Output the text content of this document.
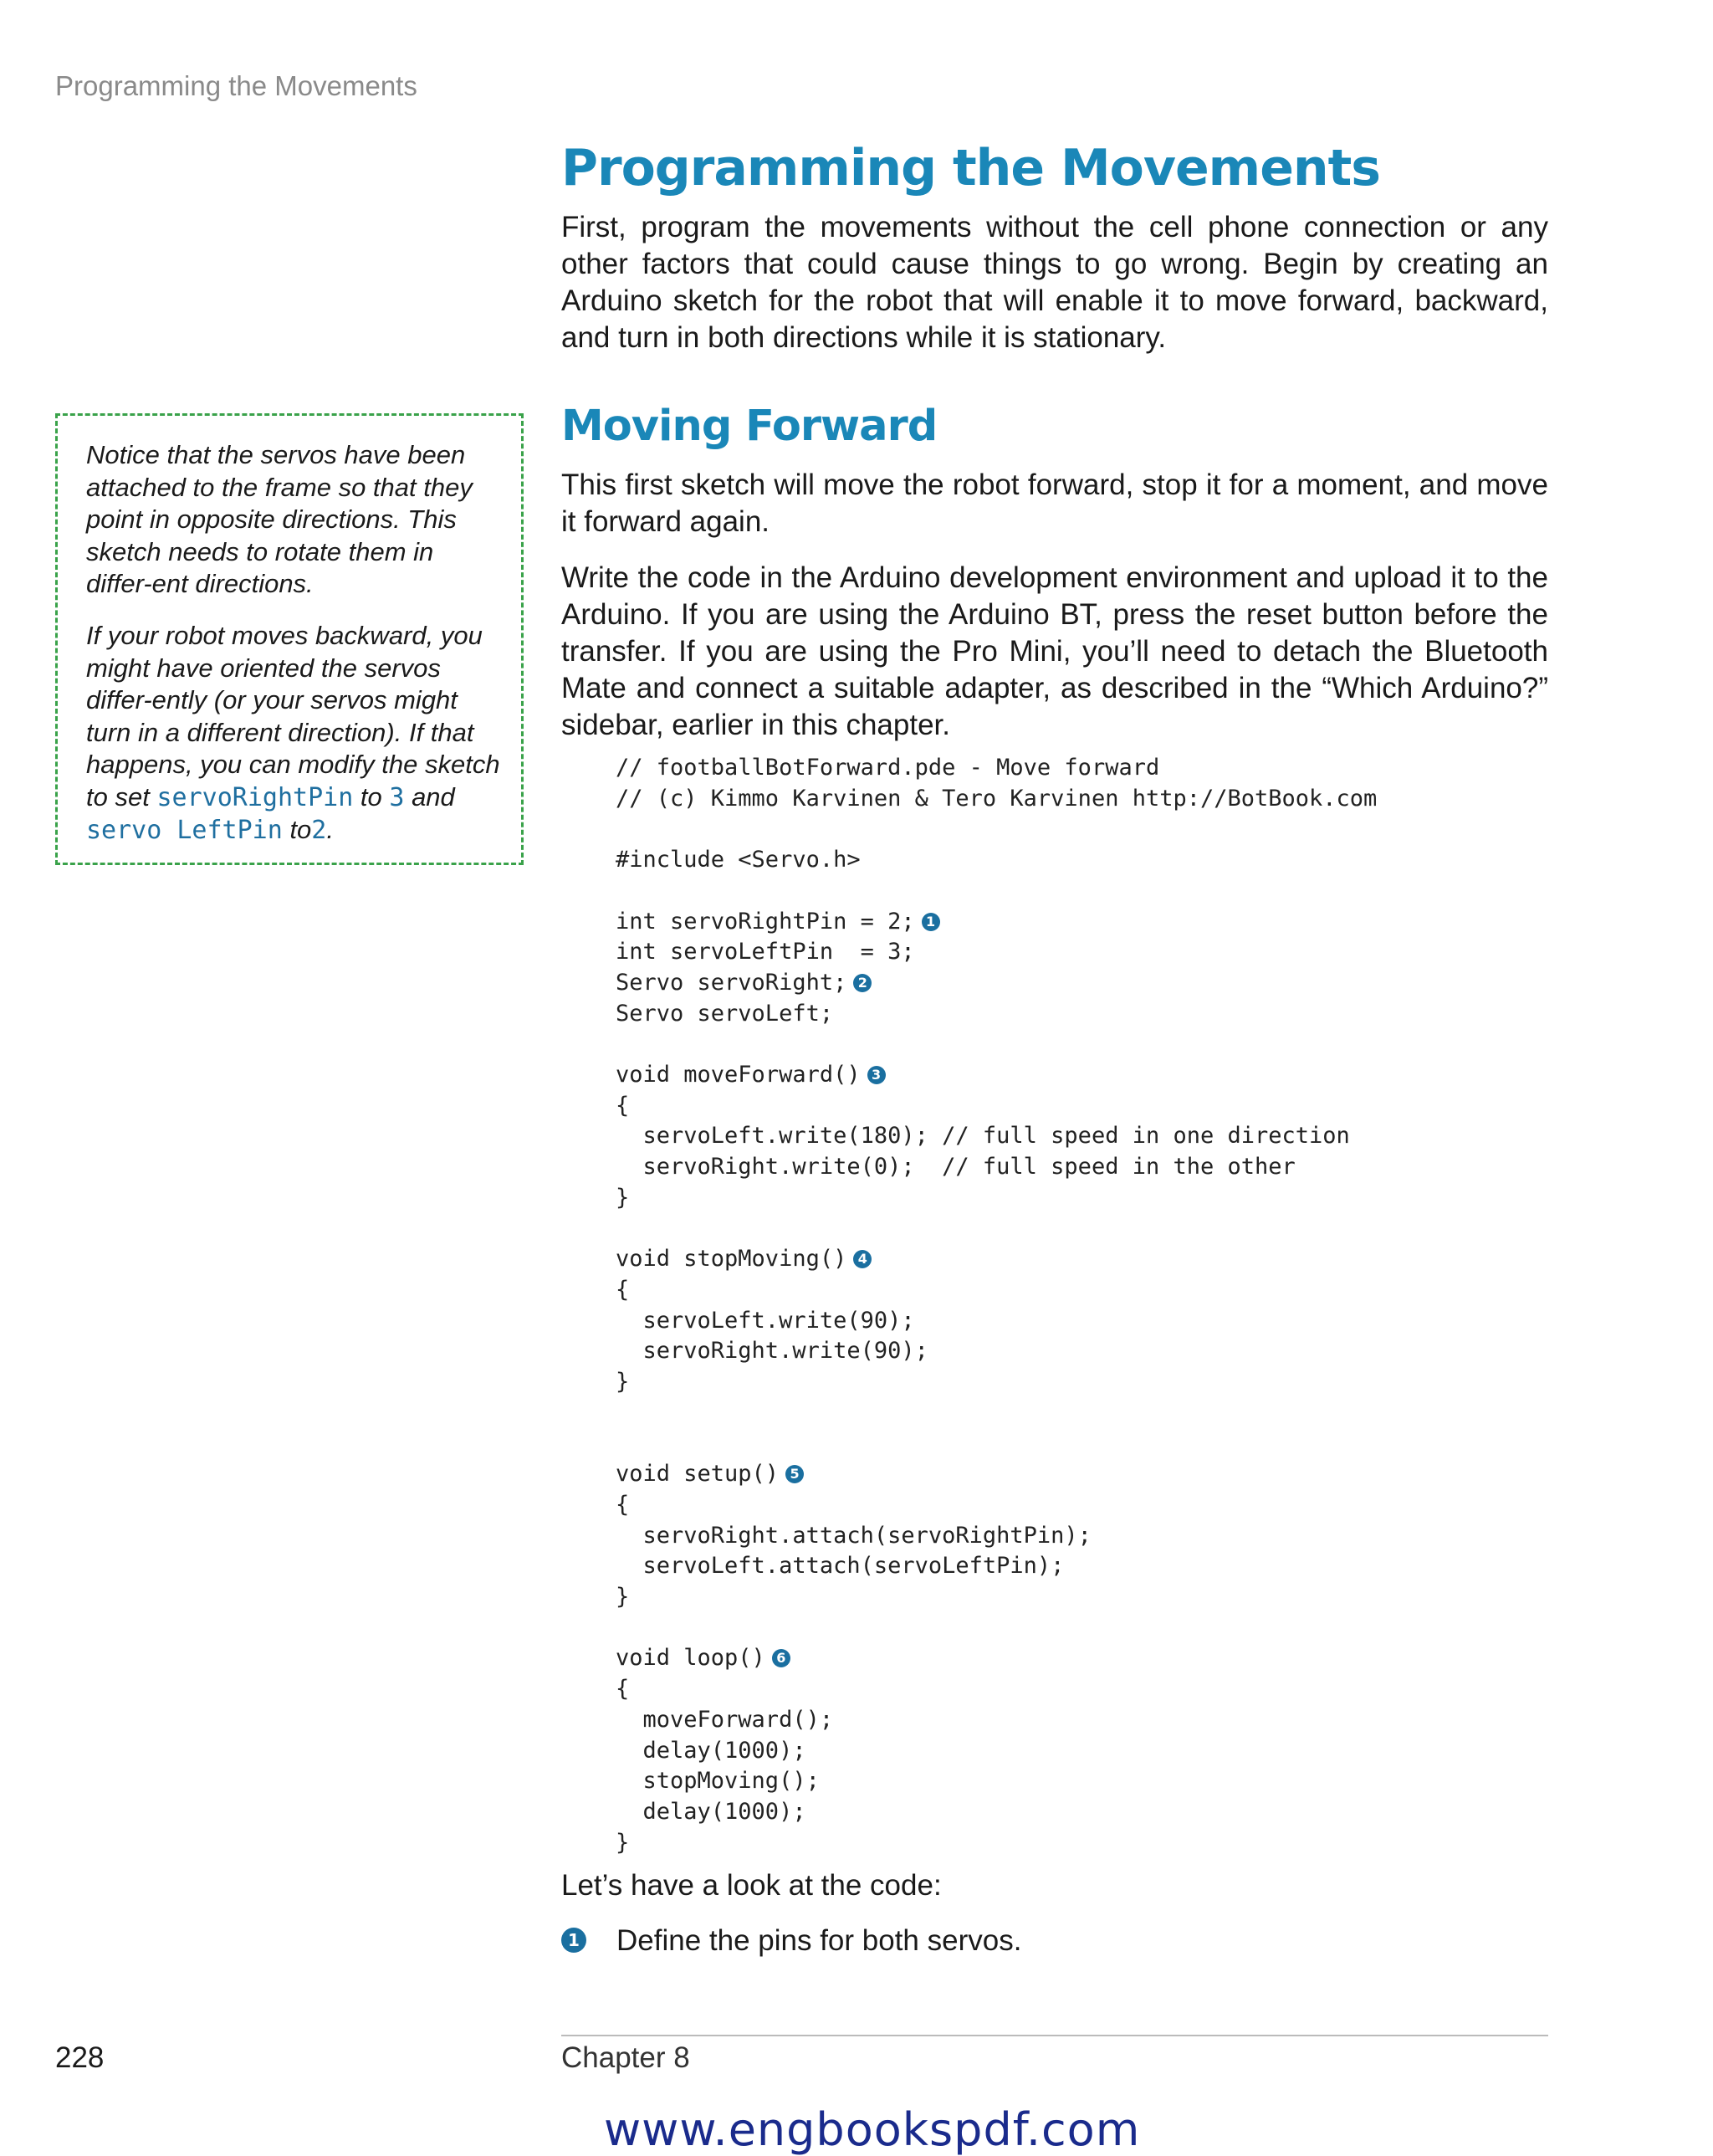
Programming the Movements
Programming the Movements
First, program the movements without the cell phone connection or any other factors that could cause things to go wrong. Begin by creating an Arduino sketch for the robot that will enable it to move forward, backward, and turn in both directions while it is stationary.
Moving Forward
This first sketch will move the robot forward, stop it for a moment, and move it forward again.
Write the code in the Arduino development environment and upload it to the Arduino. If you are using the Arduino BT, press the reset button before the transfer. If you are using the Pro Mini, you’ll need to detach the Bluetooth Mate and connect a suitable adapter, as described in the “Which Arduino?” sidebar, earlier in this chapter.

Notice that the servos have been attached to the frame so that they point in opposite directions. This sketch needs to rotate them in differ-ent directions.

If your robot moves backward, you might have oriented the servos differ-ently (or your servos might turn in a different direction). If that happens, you can modify the sketch to set servoRightPin to 3 and servo LeftPin to2.

// footballBotForward.pde - Move forward
// (c) Kimmo Karvinen & Tero Karvinen http://BotBook.com

#include <Servo.h>

int servoRightPin = 2; 1
int servoLeftPin  = 3;
Servo servoRight; 2
Servo servoLeft;

void moveForward() 3
{
servoLeft.write(180); // full speed in one direction
servoRight.write(0);  // full speed in the other
}

void stopMoving() 4
{
servoLeft.write(90);
servoRight.write(90);
}

void setup() 5
{
servoRight.attach(servoRightPin);
servoLeft.attach(servoLeftPin);
}

void loop() 6
{
moveForward();
delay(1000);
stopMoving();
delay(1000);
}
Let’s have a look at the code:
1 Define the pins for both servos.
228	Chapter 8
www.engbookspdf.com
